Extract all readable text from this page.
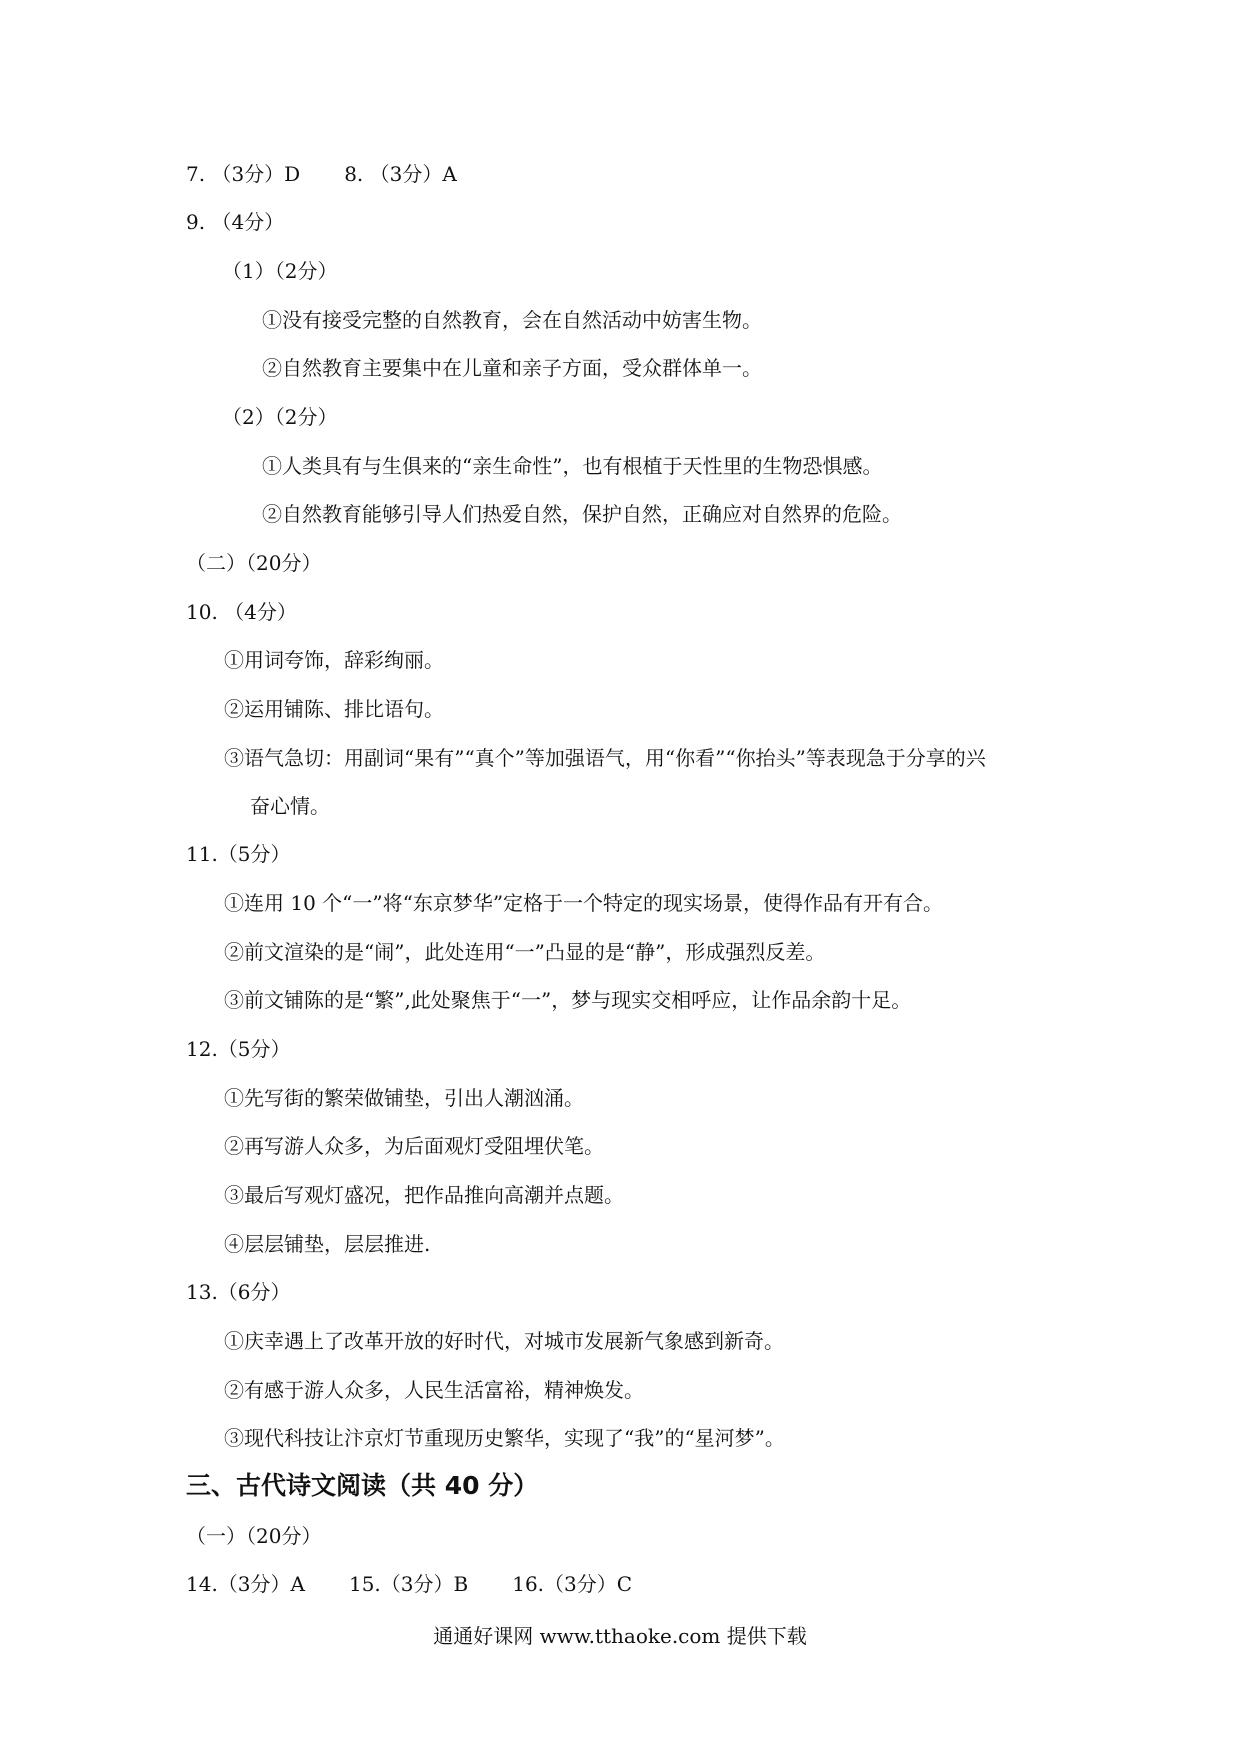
7. （3分）D 8. （3分）A
9. （4分）
（1）（2分）
①没有接受完整的自然教育，会在自然活动中妨害生物。
②自然教育主要集中在儿童和亲子方面，受众群体单一。
（2）（2分）
①人类具有与生俱来的“亲生命性”，也有根植于天性里的生物恐惧感。
②自然教育能够引导人们热爱自然，保护自然，正确应对自然界的危险。
（二）（20分）
10. （4分）
①用词夸饰，辞彩绚丽。
②运用铺陈、排比语句。
③语气急切：用副词“果有”“真个”等加强语气，用“你看”“你抬头”等表现急于分享的兴
奋心情。
11.（5分）
①连用 10 个“一”将“东京梦华”定格于一个特定的现实场景，使得作品有开有合。
②前文渲染的是“闹”，此处连用“一”凸显的是“静”，形成强烈反差。
③前文铺陈的是“繁”,此处聚焦于“一”，梦与现实交相呼应，让作品余韵十足。
12.（5分）
①先写街的繁荣做铺垫，引出人潮汹涌。
②再写游人众多，为后面观灯受阻埋伏笔。
③最后写观灯盛况，把作品推向高潮并点题。
④层层铺垫，层层推进.
13.（6分）
①庆幸遇上了改革开放的好时代，对城市发展新气象感到新奇。
②有感于游人众多，人民生活富裕，精神焕发。
③现代科技让汴京灯节重现历史繁华，实现了“我”的“星河梦”。
三、古代诗文阅读（共 40 分）
（一）（20分）
14.（3分）A 15.（3分）B 16.（3分）C
通通好课网 www.tthaoke.com 提供下载
